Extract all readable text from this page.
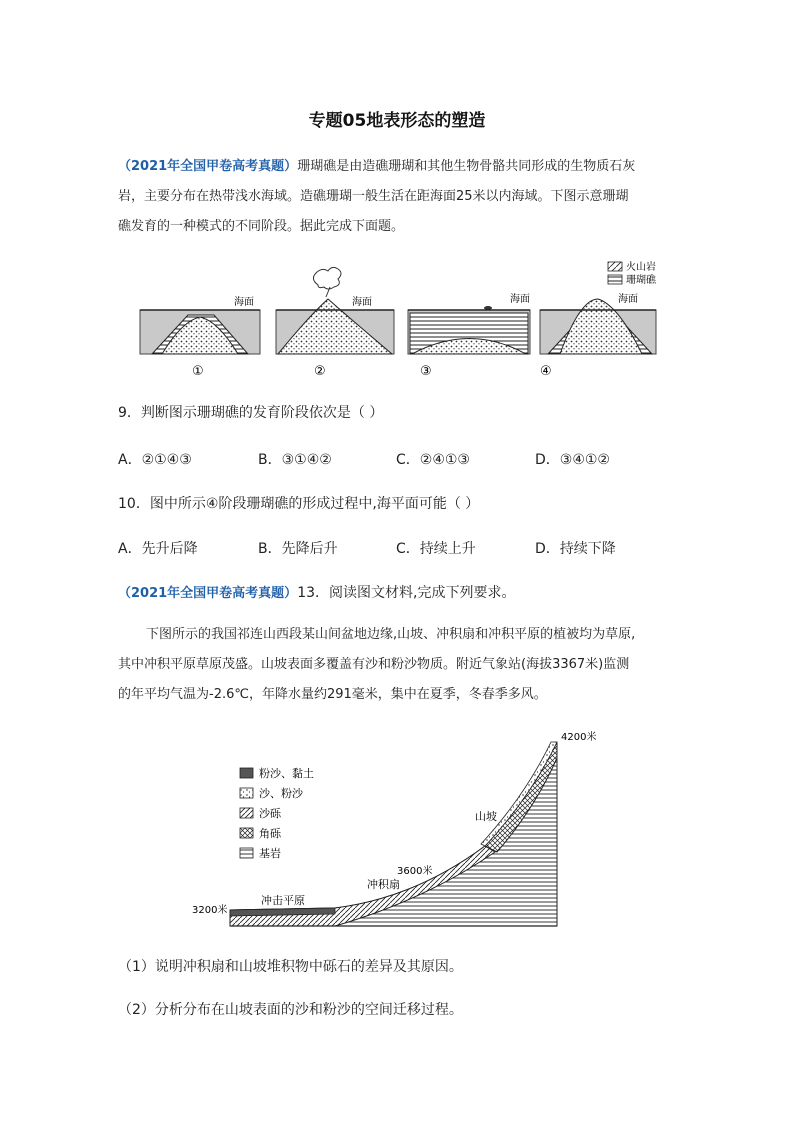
专题05地表形态的塑造
（2021年全国甲卷高考真题）珊瑚礁是由造礁珊瑚和其他生物骨骼共同形成的生物质石灰
岩，主要分布在热带浅水海域。造礁珊瑚一般生活在距海面25米以内海域。下图示意珊瑚
礁发育的一种模式的不同阶段。据此完成下面题。
火山岩
珊瑚礁
①
海面
②
海面
③
海面
④
海面
9．判断图示珊瑚礁的发育阶段依次是（ ）
A．②①④③	B．③①④②	C．②④①③	D．③④①②
10．图中所示④阶段珊瑚礁的形成过程中,海平面可能（ ）
A．先升后降	B．先降后升	C．持续上升	D．持续下降
（2021年全国甲卷高考真题）13．阅读图文材料,完成下列要求。
下图所示的我国祁连山西段某山间盆地边缘,山坡、冲积扇和冲积平原的植被均为草原,
其中冲积平原草原茂盛。山坡表面多覆盖有沙和粉沙物质。附近气象站(海拔3367米)监测
的年平均气温为-2.6℃，年降水量约291毫米，集中在夏季，冬春季多风。
粉沙、黏土
沙、粉沙
沙砾
角砾
基岩
4200米
3600米
3200米
山坡
冲积扇
冲击平原
（1）说明冲积扇和山坡堆积物中砾石的差异及其原因。
（2）分析分布在山坡表面的沙和粉沙的空间迁移过程。
